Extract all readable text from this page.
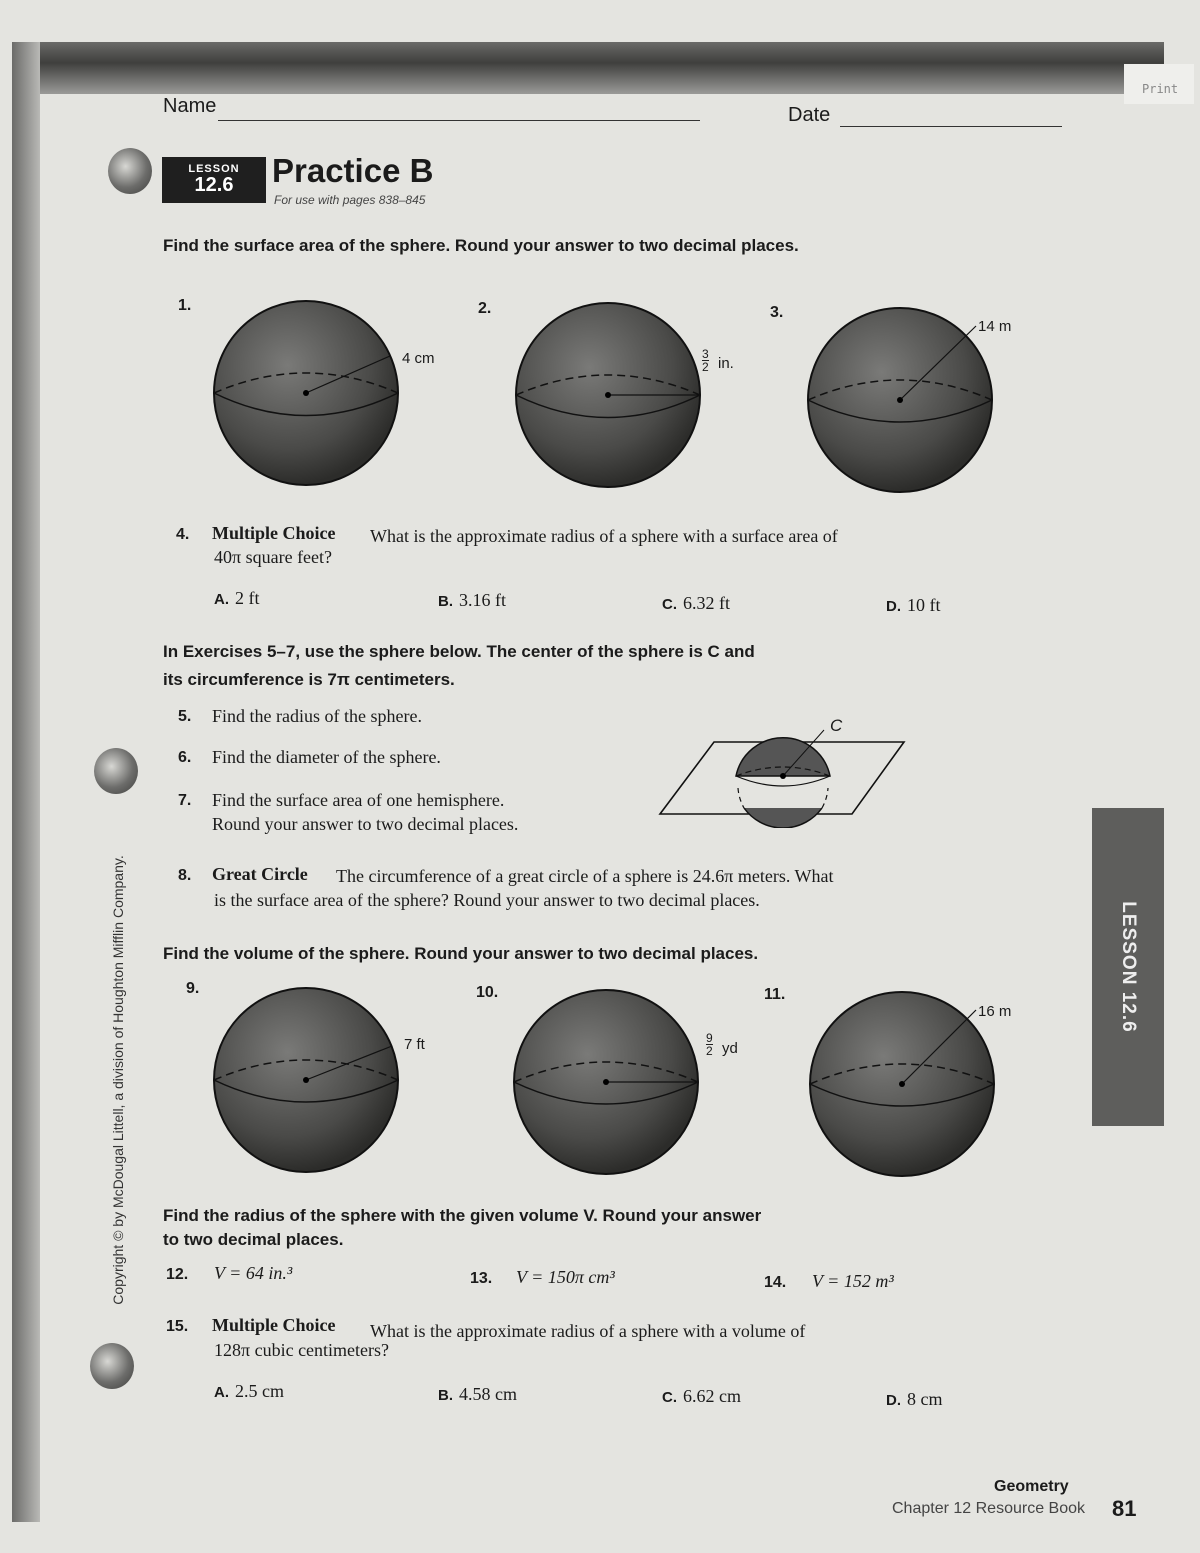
Print
Name	Date
LESSON
12.6	Practice B
For use with pages 838–845
Find the surface area of the sphere. Round your answer to two decimal places.
1.	2.	3.
4 cm	$\frac{3}{2}$ in.
14 m
4. Multiple Choice What is the approximate radius of a sphere with a surface area of
40π square feet?
A. 2 ft	B. 3.16 ft	C. 6.32 ft	D. 10 ft
In Exercises 5–7, use the sphere below. The center of the sphere is C and
its circumference is 7π centimeters.
5. Find the radius of the sphere.
6. Find the diameter of the sphere.
7. Find the surface area of one hemisphere.
Round your answer to two decimal places.
C
8. Great Circle The circumference of a great circle of a sphere is 24.6π meters. What
is the surface area of the sphere? Round your answer to two decimal places.
Find the volume of the sphere. Round your answer to two decimal places.
9.	10.	11.
7 ft	$\frac{9}{2}$ yd
16 m
Find the radius of the sphere with the given volume V. Round your answer
to two decimal places.
12. V = 64 in.³	13. V = 150π cm³	14. V = 152 m³
15. Multiple Choice What is the approximate radius of a sphere with a volume of
128π cubic centimeters?
A. 2.5 cm	B. 4.58 cm	C. 6.62 cm	D. 8 cm
LESSON 12.6
Copyright © by McDougal Littell, a division of Houghton Mifflin Company.
Geometry
Chapter 12 Resource Book 81
